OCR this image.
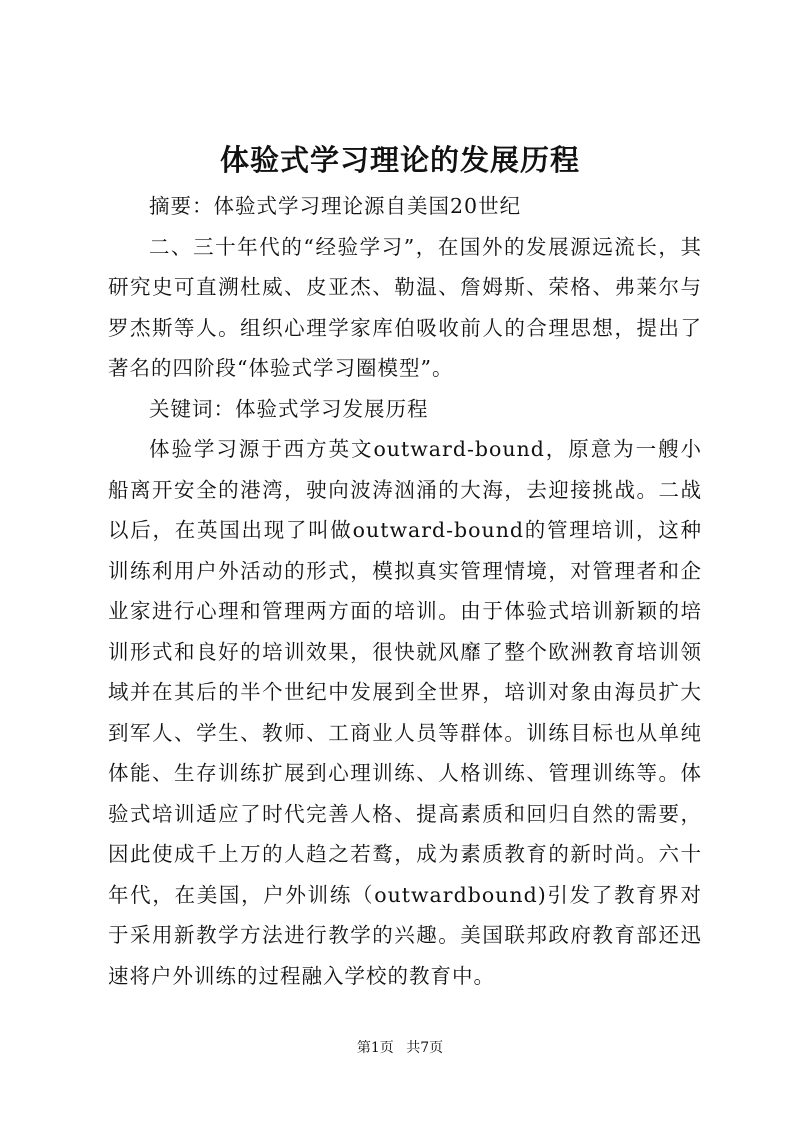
体验式学习理论的发展历程

摘要：体验式学习理论源自美国20世纪

二、三十年代的“经验学习”，在国外的发展源远流长，其研究史可直溯杜威、皮亚杰、勒温、詹姆斯、荣格、弗莱尔与罗杰斯等人。组织心理学家库伯吸收前人的合理思想，提出了著名的四阶段“体验式学习圈模型”。

关键词：体验式学习发展历程

体验学习源于西方英文outward-bound，原意为一艘小船离开安全的港湾，驶向波涛汹涌的大海，去迎接挑战。二战以后，在英国出现了叫做outward-bound的管理培训，这种训练利用户外活动的形式，模拟真实管理情境，对管理者和企业家进行心理和管理两方面的培训。由于体验式培训新颖的培训形式和良好的培训效果，很快就风靡了整个欧洲教育培训领域并在其后的半个世纪中发展到全世界，培训对象由海员扩大到军人、学生、教师、工商业人员等群体。训练目标也从单纯体能、生存训练扩展到心理训练、人格训练、管理训练等。体验式培训适应了时代完善人格、提高素质和回归自然的需要，因此使成千上万的人趋之若鹜，成为素质教育的新时尚。六十年代，在美国，户外训练（outwardbound)引发了教育界对于采用新教学方法进行教学的兴趣。美国联邦政府教育部还迅速将户外训练的过程融入学校的教育中。

第1页 共7页
